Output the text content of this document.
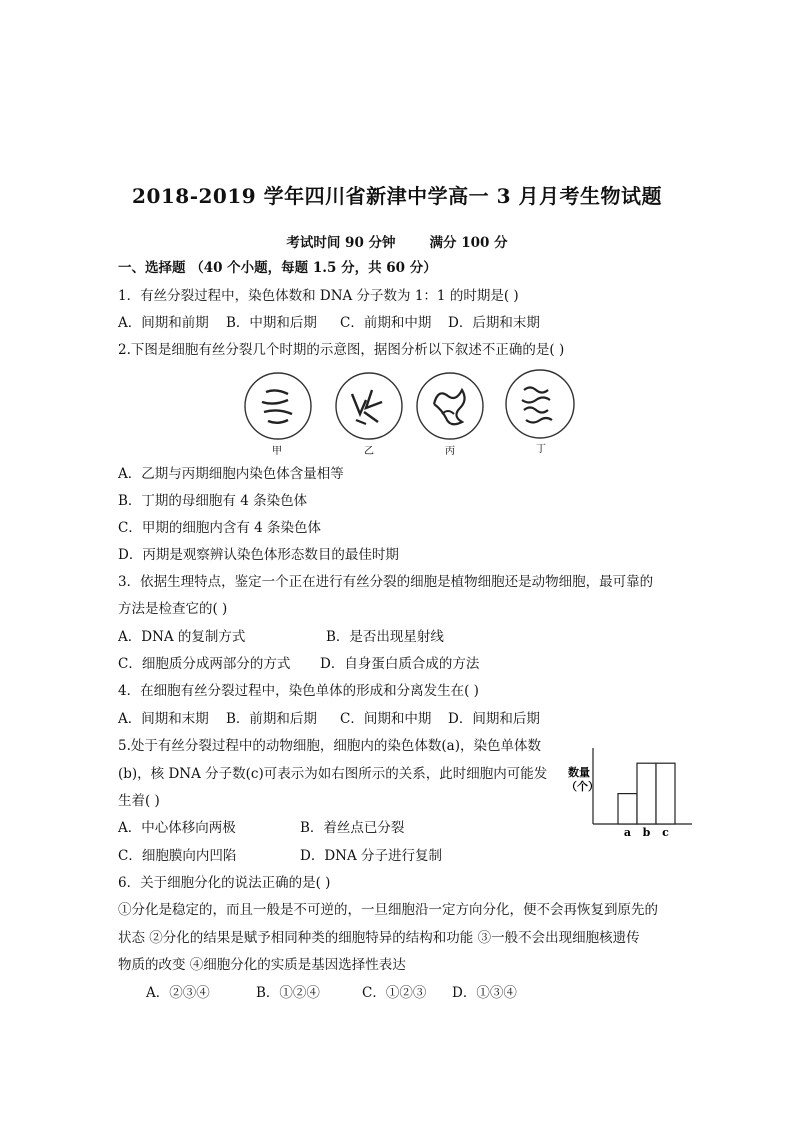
2018-2019 学年四川省新津中学高一 3 月月考生物试题
考试时间 90 分钟	满分 100 分
一、选择题 （40 个小题，每题 1.5 分，共 60 分）
1．有丝分裂过程中，染色体数和 DNA 分子数为 1：1 的时期是( )
A．间期和前期 B．中期和后期 C．前期和中期 D．后期和末期
2.下图是细胞有丝分裂几个时期的示意图，据图分析以下叙述不正确的是( )
甲	乙	丙	丁
A．乙期与丙期细胞内染色体含量相等
B．丁期的母细胞有 4 条染色体
C．甲期的细胞内含有 4 条染色体
D．丙期是观察辨认染色体形态数目的最佳时期
3．依据生理特点，鉴定一个正在进行有丝分裂的细胞是植物细胞还是动物细胞，最可靠的
方法是检查它的( )
A．DNA 的复制方式	B．是否出现星射线
C．细胞质分成两部分的方式 D．自身蛋白质合成的方法
4．在细胞有丝分裂过程中，染色单体的形成和分离发生在( )
A．间期和末期 B．前期和后期 C．间期和中期 D．间期和后期
5.处于有丝分裂过程中的动物细胞，细胞内的染色体数(a)，染色单体数
(b)，核 DNA 分子数(c)可表示为如右图所示的关系，此时细胞内可能发
生着( )
A．中心体移向两极	B．着丝点已分裂
C．细胞膜向内凹陷	D．DNA 分子进行复制
数量
（个）
a b c
6．关于细胞分化的说法正确的是( )
①分化是稳定的，而且一般是不可逆的，一旦细胞沿一定方向分化，便不会再恢复到原先的
状态 ②分化的结果是赋予相同种类的细胞特异的结构和功能 ③一般不会出现细胞核遗传
物质的改变 ④细胞分化的实质是基因选择性表达
A．②③④	B．①②④	C．①②③ D．①③④
